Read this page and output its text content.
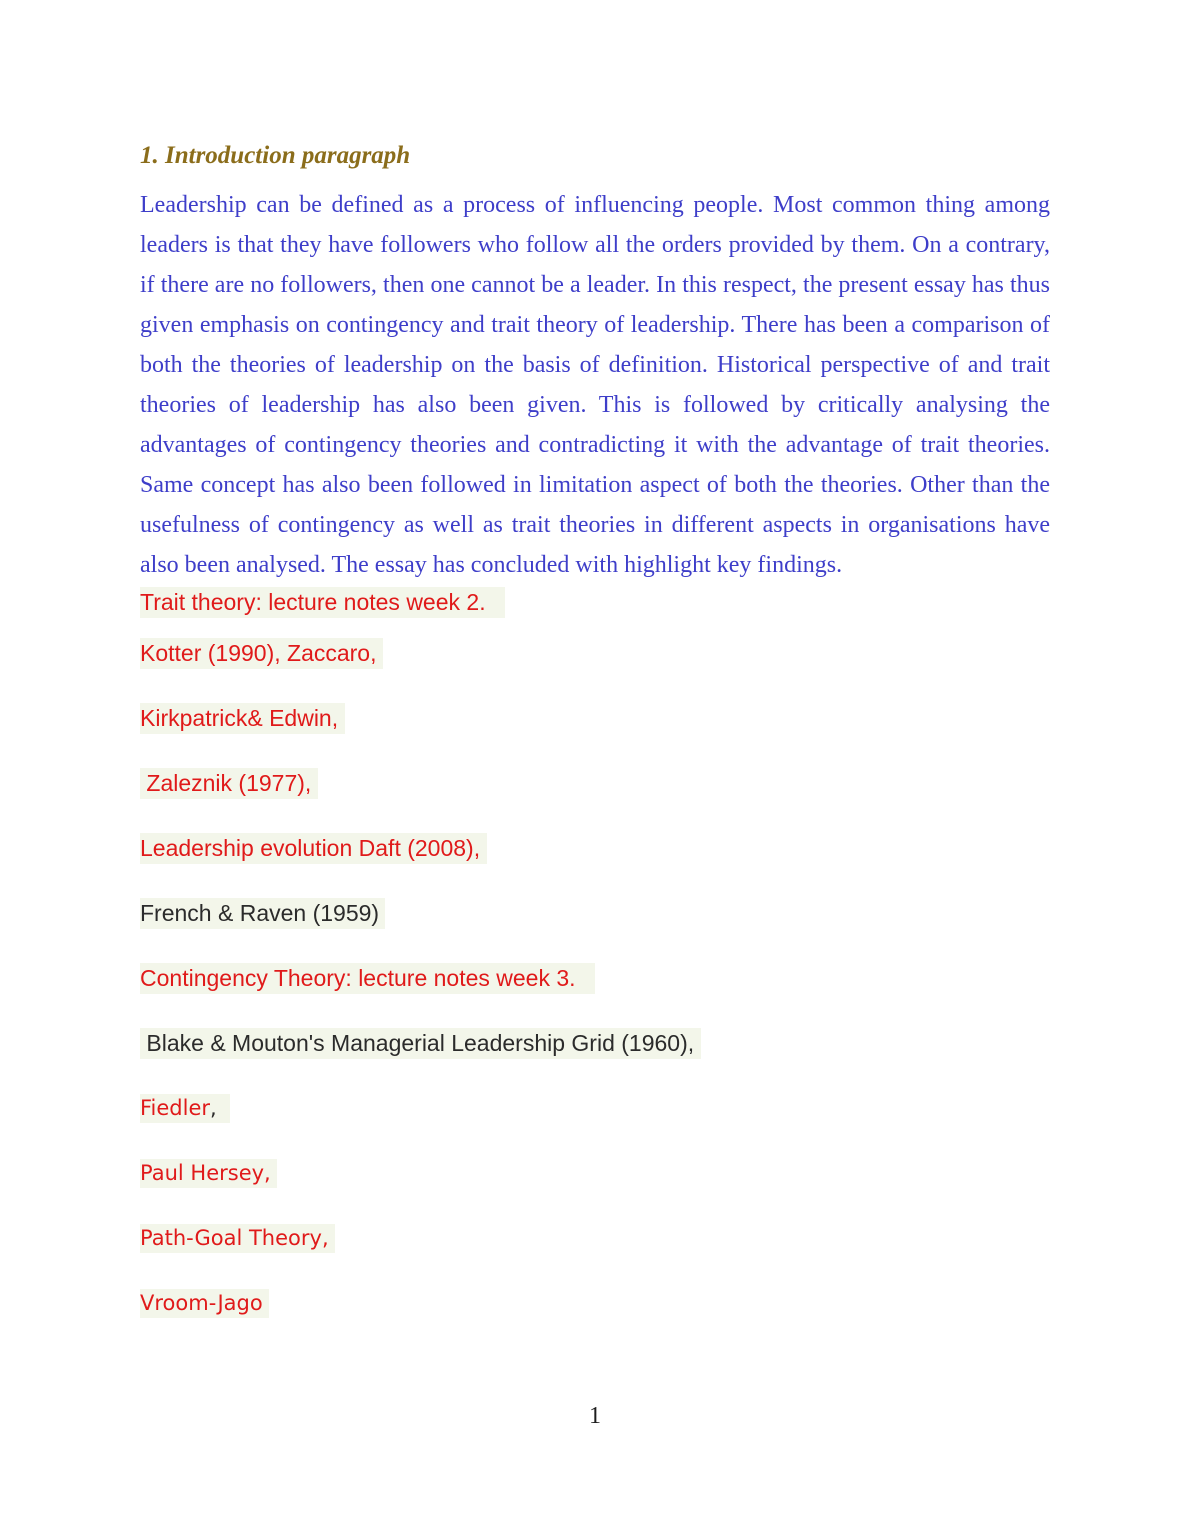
1. Introduction paragraph

Leadership can be defined as a process of influencing people. Most common thing among leaders is that they have followers who follow all the orders provided by them. On a contrary, if there are no followers, then one cannot be a leader. In this respect, the present essay has thus given emphasis on contingency and trait theory of leadership. There has been a comparison of both the theories of leadership on the basis of definition. Historical perspective of and trait theories of leadership has also been given. This is followed by critically analysing the advantages of contingency theories and contradicting it with the advantage of trait theories. Same concept has also been followed in limitation aspect of both the theories. Other than the usefulness of contingency as well as trait theories in different aspects in organisations have also been analysed. The essay has concluded with highlight key findings.

Trait theory: lecture notes week 2.

Kotter (1990), Zaccaro,

Kirkpatrick& Edwin,

Zaleznik (1977),

Leadership evolution Daft (2008),

French & Raven (1959)

Contingency Theory: lecture notes week 3.

Blake & Mouton's Managerial Leadership Grid (1960),

Fiedler,

Paul Hersey,

Path-Goal Theory,

Vroom-Jago

1
